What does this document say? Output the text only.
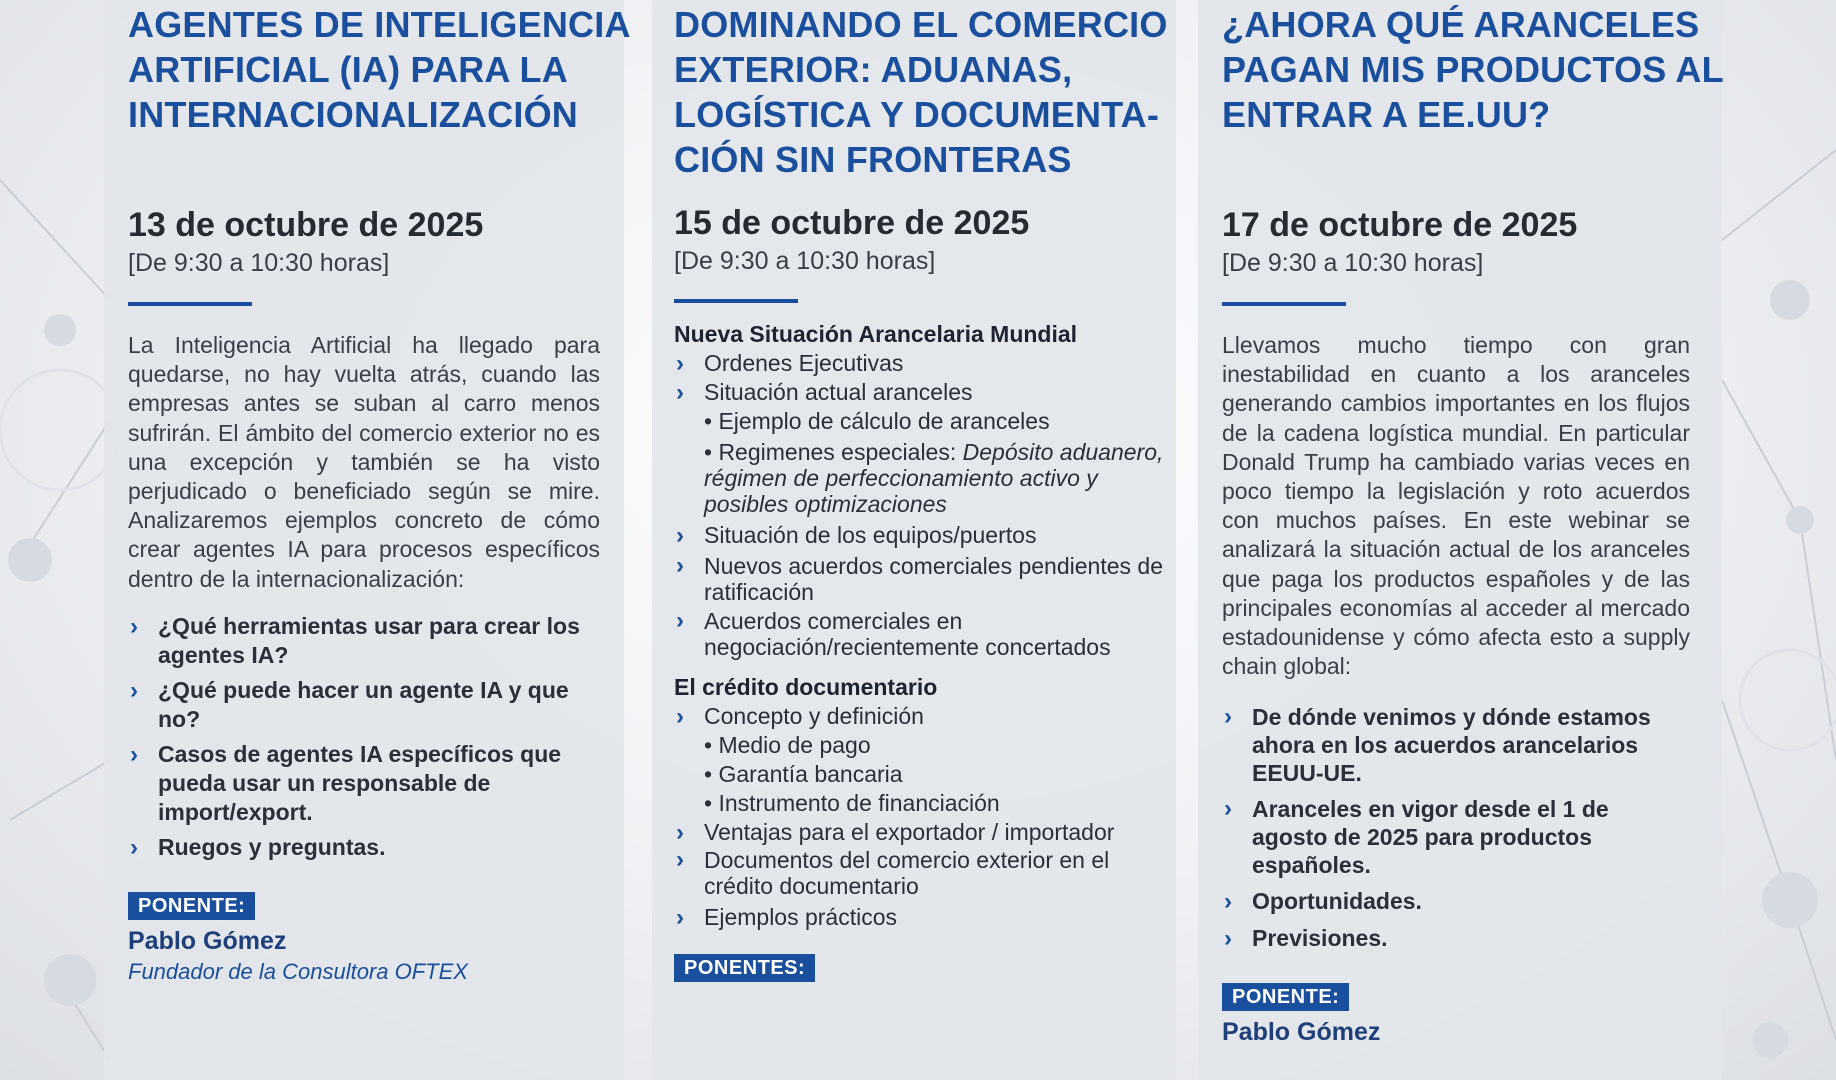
AGENTES DE INTELIGENCIA
ARTIFICIAL (IA) PARA LA
INTERNACIONALIZACIÓN

13 de octubre de 2025

[De 9:30 a 10:30 horas]

La Inteligencia Artificial ha llegado para quedarse, no hay vuelta atrás, cuando las empresas antes se suban al carro menos sufrirán. El ámbito del comercio exterior no es una excepción y también se ha visto perjudicado o beneficiado según se mire. Analizaremos ejemplos concreto de cómo crear agentes IA para procesos específicos dentro de la internacionalización:

› ¿Qué herramientas usar para crear los agentes IA?
› ¿Qué puede hacer un agente IA y que no?
› Casos de agentes IA específicos que pueda usar un responsable de import/export.
› Ruegos y preguntas.
PONENTE:

Pablo Gómez

Fundador de la Consultora OFTEX

DOMINANDO EL COMERCIO
EXTERIOR: ADUANAS,
LOGÍSTICA Y DOCUMENTA-
CIÓN SIN FRONTERAS

15 de octubre de 2025

[De 9:30 a 10:30 horas]

Nueva Situación Arancelaria Mundial

› Ordenes Ejecutivas
› Situación actual aranceles
• Ejemplo de cálculo de aranceles
• Regimenes especiales: Depósito aduanero, régimen de perfeccionamiento activo y posibles optimizaciones
› Situación de los equipos/puertos
› Nuevos acuerdos comerciales pendientes de ratificación
› Acuerdos comerciales en negociación/recientemente concertados

El crédito documentario

› Concepto y definición
• Medio de pago
• Garantía bancaria
• Instrumento de financiación
› Ventajas para el exportador / importador
› Documentos del comercio exterior en el crédito documentario
› Ejemplos prácticos
PONENTES:
¿AHORA QUÉ ARANCELES
PAGAN MIS PRODUCTOS AL
ENTRAR A EE.UU?

17 de octubre de 2025

[De 9:30 a 10:30 horas]

Llevamos mucho tiempo con gran inestabilidad en cuanto a los aranceles generando cambios importantes en los flujos de la cadena logística mundial. En particular Donald Trump ha cambiado varias veces en poco tiempo la legislación y roto acuerdos con muchos países. En este webinar se analizará la situación actual de los aranceles que paga los productos españoles y de las principales economías al acceder al mercado estadounidense y cómo afecta esto a supply chain global:

› De dónde venimos y dónde estamos ahora en los acuerdos arancelarios EEUU-UE.
› Aranceles en vigor desde el 1 de agosto de 2025 para productos españoles.
› Oportunidades.
› Previsiones.
PONENTE:

Pablo Gómez
